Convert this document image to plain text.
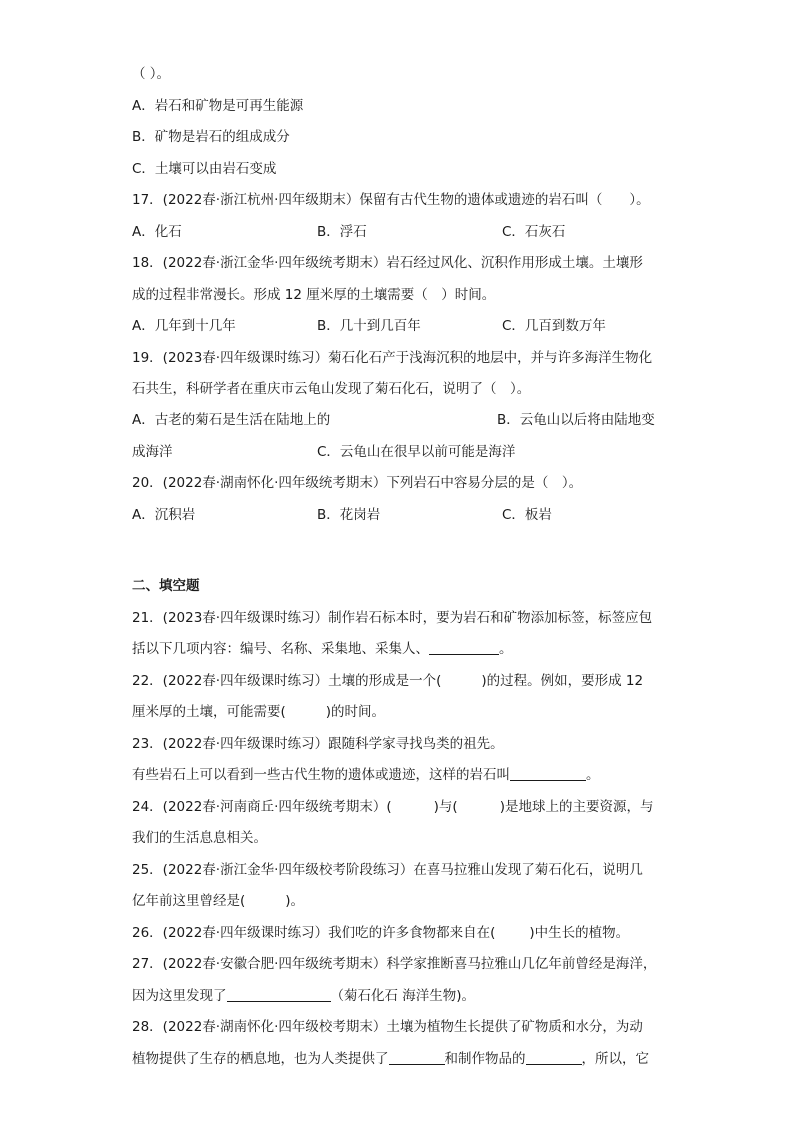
（ ）。
A．岩石和矿物是可再生能源
B．矿物是岩石的组成成分
C．土壤可以由岩石变成
17．(2022春·浙江杭州·四年级期末）保留有古代生物的遗体或遗迹的岩石叫（　　）。
A．化石	B．浮石	C．石灰石
18．(2022春·浙江金华·四年级统考期末）岩石经过风化、沉积作用形成土壤。土壤形
成的过程非常漫长。形成 12 厘米厚的土壤需要（　）时间。
A．几年到十几年	B．几十到几百年	C．几百到数万年
19．(2023春·四年级课时练习）菊石化石产于浅海沉积的地层中，并与许多海洋生物化
石共生，科研学者在重庆市云龟山发现了菊石化石，说明了（　）。
A．古老的菊石是生活在陆地上的	B．云龟山以后将由陆地变
成海洋	C．云龟山在很早以前可能是海洋
20．(2022春·湖南怀化·四年级统考期末）下列岩石中容易分层的是（　）。
A．沉积岩	B．花岗岩	C．板岩
二、填空题
21．(2023春·四年级课时练习）制作岩石标本时，要为岩石和矿物添加标签，标签应包
括以下几项内容：编号、名称、采集地、采集人、	。
22．(2022春·四年级课时练习）土壤的形成是一个(	)的过程。例如，要形成 12
厘米厚的土壤，可能需要(	)的时间。
23．(2022春·四年级课时练习）跟随科学家寻找鸟类的祖先。
有些岩石上可以看到一些古代生物的遗体或遗迹，这样的岩石叫	。
24．(2022春·河南商丘·四年级统考期末）(	)与(	)是地球上的主要资源，与
我们的生活息息相关。
25．(2022春·浙江金华·四年级校考阶段练习）在喜马拉雅山发现了菊石化石，说明几
亿年前这里曾经是(	)。
26．(2022春·四年级课时练习）我们吃的许多食物都来自在(	)中生长的植物。
27．(2022春·安徽合肥·四年级统考期末）科学家推断喜马拉雅山几亿年前曾经是海洋，
因为这里发现了	（菊石化石 海洋生物)。
28．(2022春·湖南怀化·四年级校考期末）土壤为植物生长提供了矿物质和水分，为动
植物提供了生存的栖息地，也为人类提供了	和制作物品的	，所以，它
